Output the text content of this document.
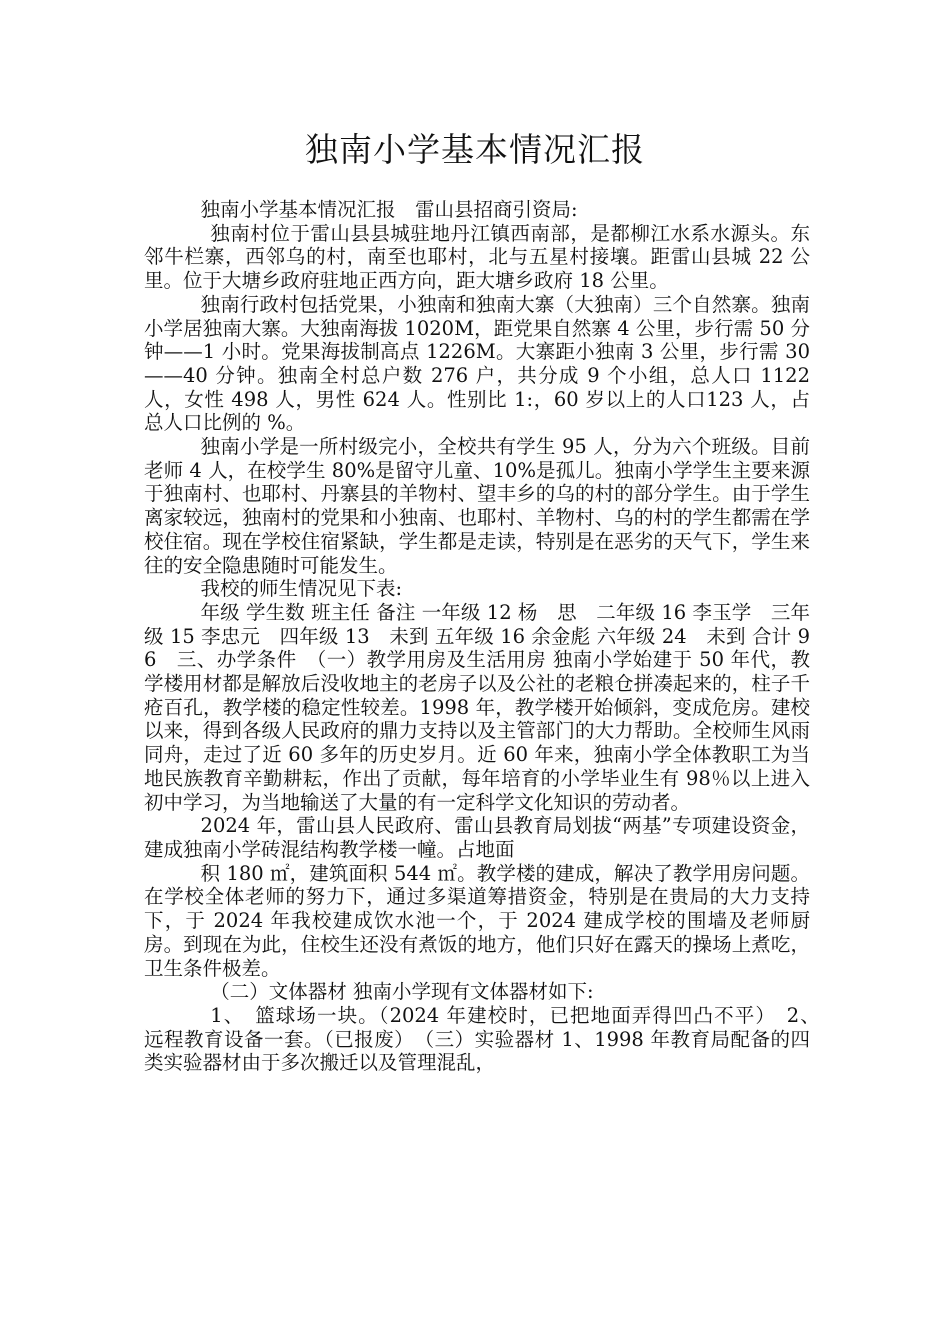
独南小学基本情况汇报

独南小学基本情况汇报　雷山县招商引资局:

独南村位于雷山县县城驻地丹江镇西南部，是都柳江水系水源头。东邻牛栏寨，西邻乌的村，南至也耶村，北与五星村接壤。距雷山县城 22 公里。位于大塘乡政府驻地正西方向，距大塘乡政府 18 公里。

独南行政村包括党果，小独南和独南大寨（大独南）三个自然寨。独南小学居独南大寨。大独南海拔 1020M，距党果自然寨 4 公里，步行需 50 分钟——1 小时。党果海拔制高点 1226M。大寨距小独南 3 公里，步行需 30——40 分钟。独南全村总户数 276 户，共分成 9 个小组，总人口 1122 人，女性 498 人，男性 624 人。性别比 1:，60 岁以上的人口123 人，占总人口比例的 %。

独南小学是一所村级完小，全校共有学生 95 人，分为六个班级。目前老师 4 人，在校学生 80%是留守儿童、10%是孤儿。独南小学学生主要来源于独南村、也耶村、丹寨县的羊物村、望丰乡的乌的村的部分学生。由于学生离家较远，独南村的党果和小独南、也耶村、羊物村、乌的村的学生都需在学校住宿。现在学校住宿紧缺，学生都是走读，特别是在恶劣的天气下，学生来往的安全隐患随时可能发生。

我校的师生情况见下表:

年级 学生数 班主任 备注 一年级 12 杨　思　二年级 16 李玉学　三年级 15 李忠元　四年级 13　未到 五年级 16 余金彪 六年级 24　未到 合计 96　三、办学条件　（一）教学用房及生活用房 独南小学始建于 50 年代，教学楼用材都是解放后没收地主的老房子以及公社的老粮仓拼凑起来的，柱子千疮百孔，教学楼的稳定性较差。1998 年，教学楼开始倾斜，变成危房。建校以来，得到各级人民政府的鼎力支持以及主管部门的大力帮助。全校师生风雨同舟，走过了近 60 多年的历史岁月。近 60 年来，独南小学全体教职工为当地民族教育辛勤耕耘，作出了贡献，每年培育的小学毕业生有 98％以上进入初中学习，为当地输送了大量的有一定科学文化知识的劳动者。

2024 年，雷山县人民政府、雷山县教育局划拔“两基”专项建设资金，建成独南小学砖混结构教学楼一幢。占地面

积 180 ㎡，建筑面积 544 ㎡。教学楼的建成，解决了教学用房问题。在学校全体老师的努力下，通过多渠道筹措资金，特别是在贵局的大力支持下，于 2024 年我校建成饮水池一个，于 2024 建成学校的围墙及老师厨房。到现在为此，住校生还没有煮饭的地方，他们只好在露天的操场上煮吃，卫生条件极差。

（二）文体器材 独南小学现有文体器材如下:

1、　篮球场一块。（2024 年建校时，已把地面弄得凹凸不平）　2、　远程教育设备一套。（已报废）　（三）实验器材 1、1998 年教育局配备的四类实验器材由于多次搬迁以及管理混乱，
